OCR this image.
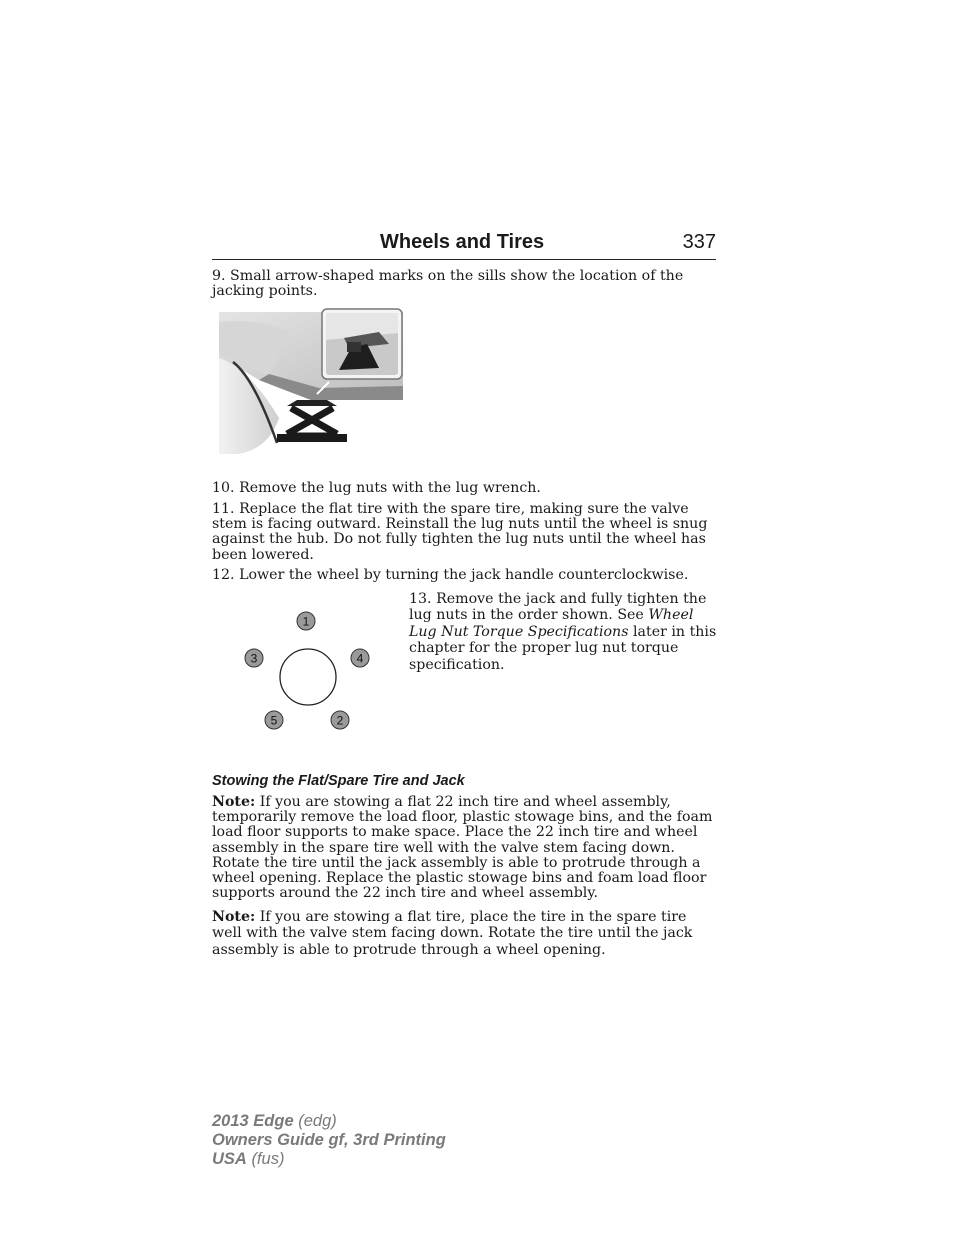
Wheels and Tires	337

9. Small arrow-shaped marks on the sills show the location of the jacking points.

10. Remove the lug nuts with the lug wrench.

11. Replace the flat tire with the spare tire, making sure the valve stem is facing outward. Reinstall the lug nuts until the wheel is snug against the hub. Do not fully tighten the lug nuts until the wheel has been lowered.

12. Lower the wheel by turning the jack handle counterclockwise.

1
2
3	4
5

13. Remove the jack and fully tighten the lug nuts in the order shown. See Wheel Lug Nut Torque Specifications later in this chapter for the proper lug nut torque specification.

Stowing the Flat/Spare Tire and Jack

Note: If you are stowing a flat 22 inch tire and wheel assembly, temporarily remove the load floor, plastic stowage bins, and the foam load floor supports to make space. Place the 22 inch tire and wheel assembly in the spare tire well with the valve stem facing down. Rotate the tire until the jack assembly is able to protrude through a wheel opening. Replace the plastic stowage bins and foam load floor supports around the 22 inch tire and wheel assembly.

Note: If you are stowing a flat tire, place the tire in the spare tire well with the valve stem facing down. Rotate the tire until the jack assembly is able to protrude through a wheel opening.

2013 Edge (edg)
Owners Guide gf, 3rd Printing
USA (fus)
